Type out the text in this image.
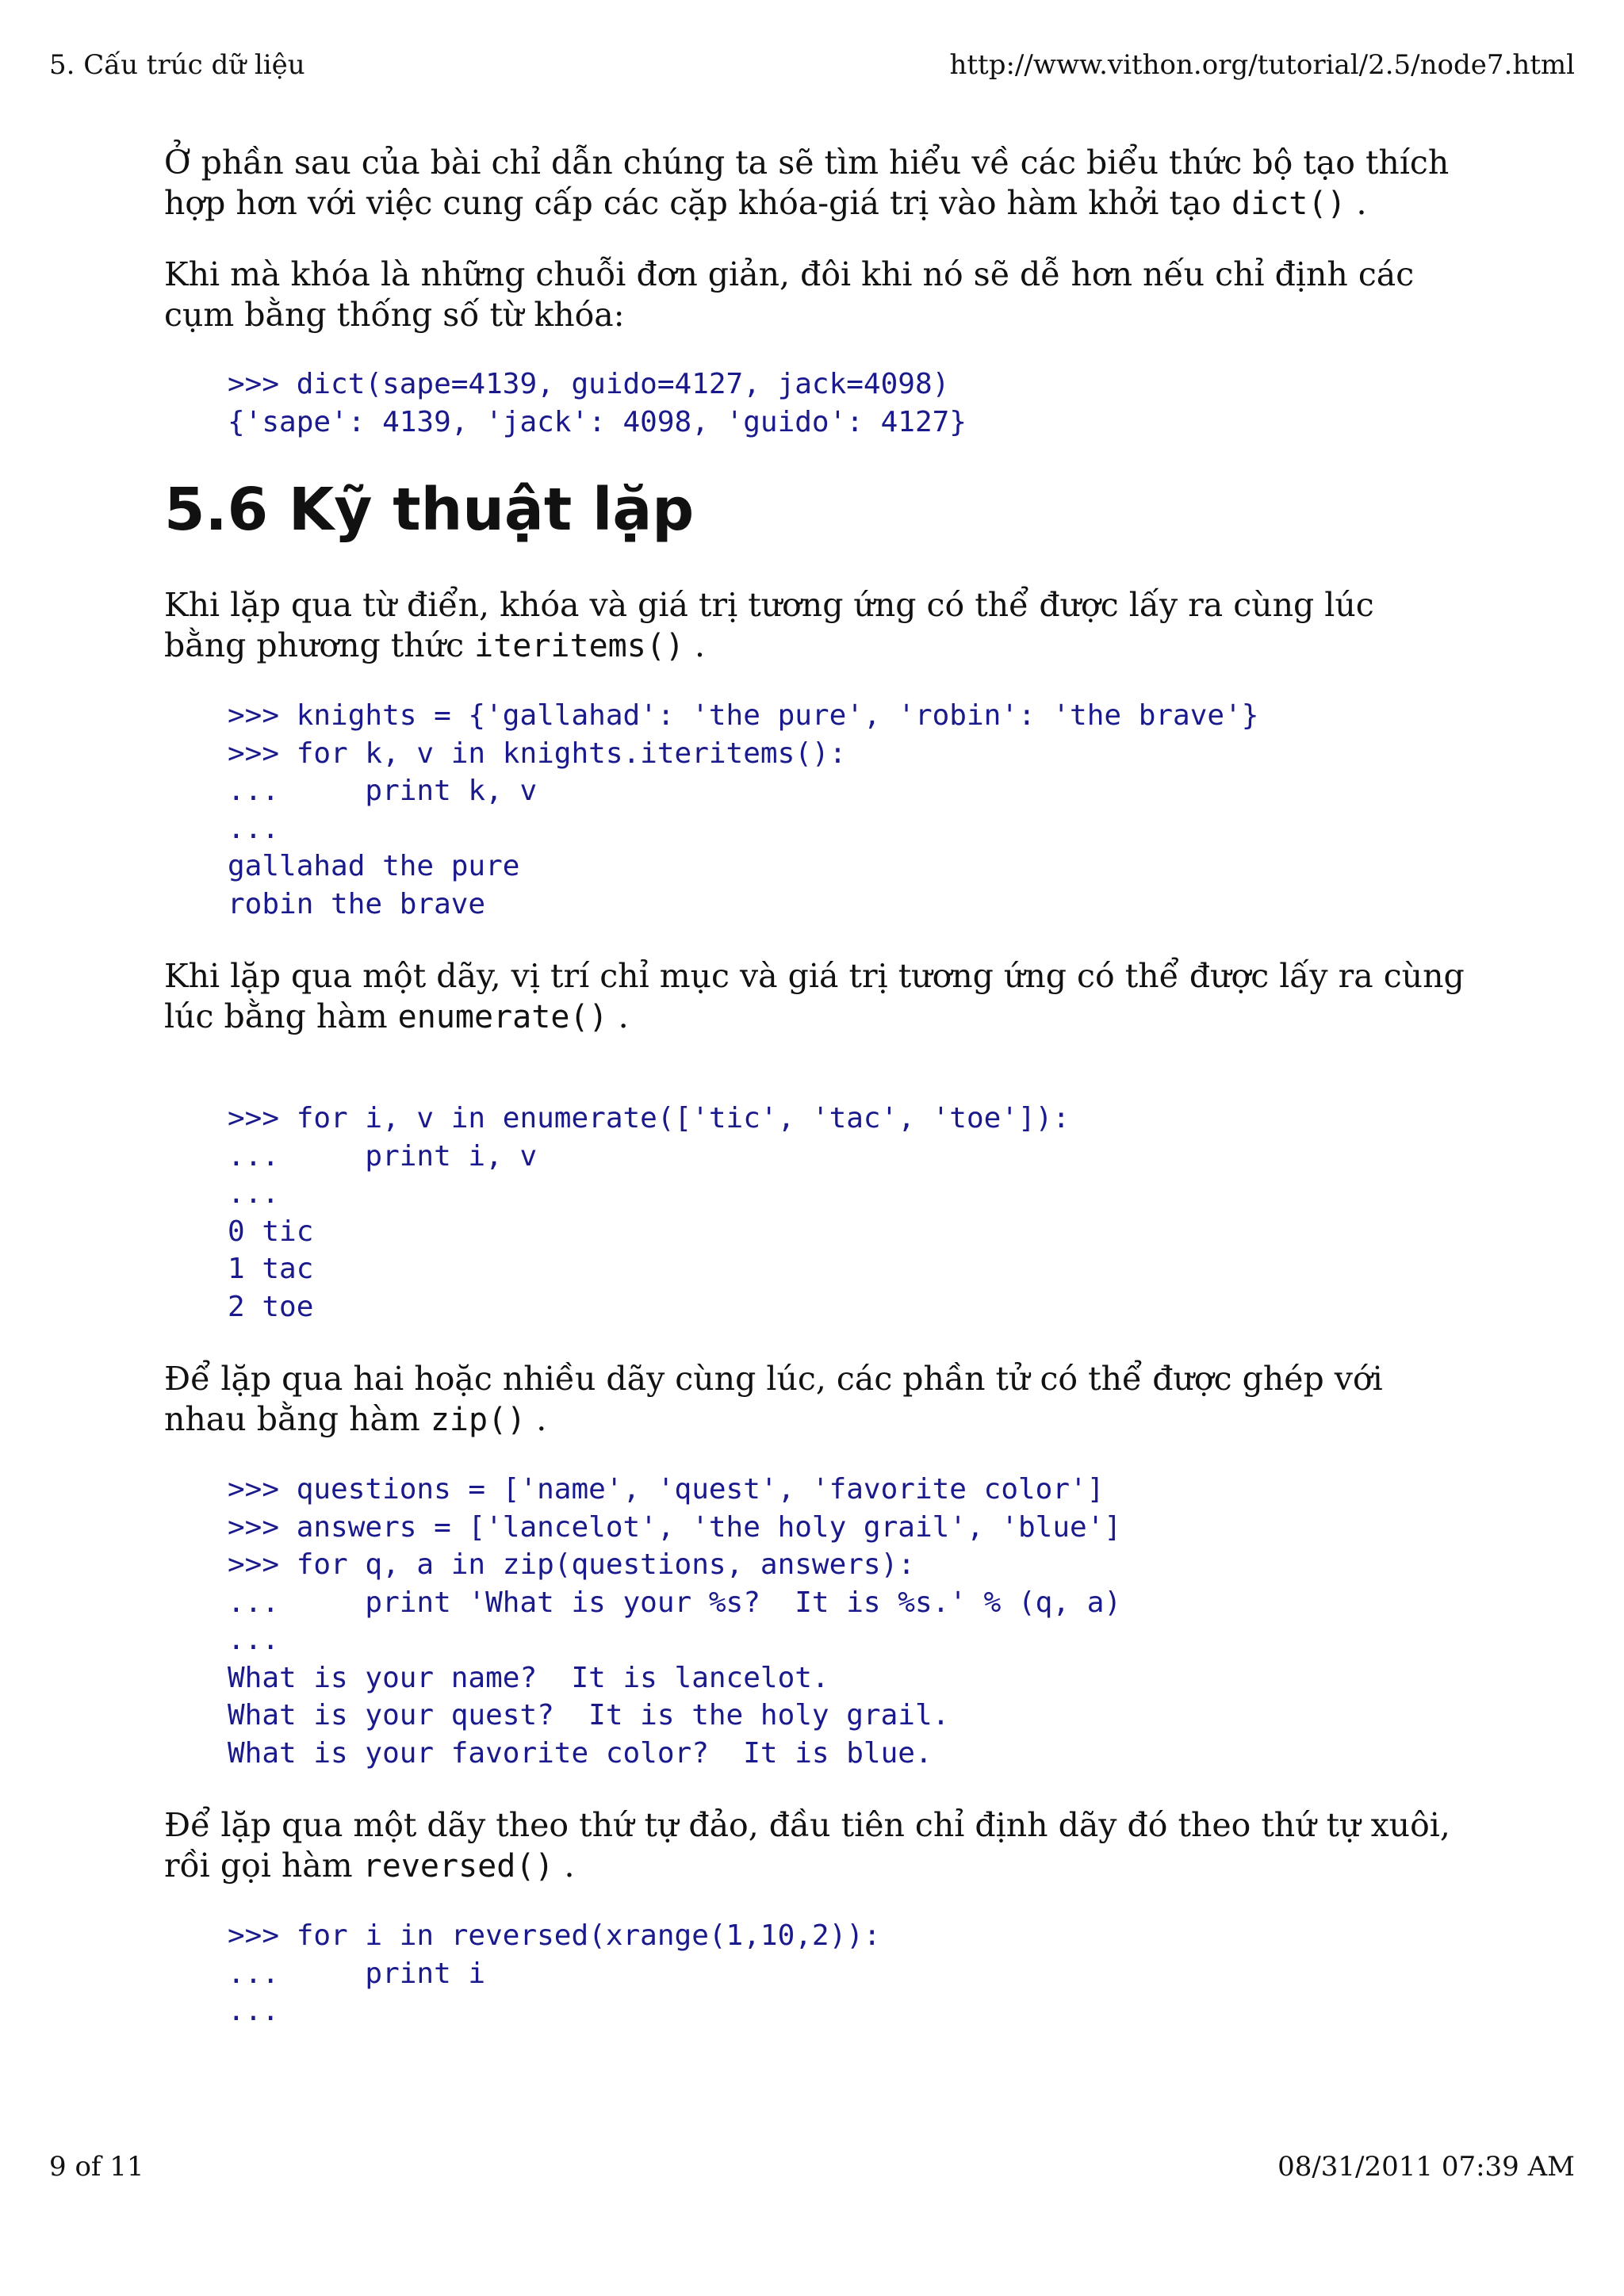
5. Cấu trúc dữ liệu	http://www.vithon.org/tutorial/2.5/node7.html

Ở phần sau của bài chỉ dẫn chúng ta sẽ tìm hiểu về các biểu thức bộ tạo thích hợp hơn với việc cung cấp các cặp khóa-giá trị vào hàm khởi tạo dict() .

Khi mà khóa là những chuỗi đơn giản, đôi khi nó sẽ dễ hơn nếu chỉ định các cụm bằng thống số từ khóa:

>>> dict(sape=4139, guido=4127, jack=4098)
{'sape': 4139, 'jack': 4098, 'guido': 4127}
5.6 Kỹ thuật lặp

Khi lặp qua từ điển, khóa và giá trị tương ứng có thể được lấy ra cùng lúc bằng phương thức iteritems() .

>>> knights = {'gallahad': 'the pure', 'robin': 'the brave'}
>>> for k, v in knights.iteritems():
...     print k, v
...
gallahad the pure
robin the brave

Khi lặp qua một dãy, vị trí chỉ mục và giá trị tương ứng có thể được lấy ra cùng lúc bằng hàm enumerate() .

>>> for i, v in enumerate(['tic', 'tac', 'toe']):
...     print i, v
...
0 tic
1 tac
2 toe

Để lặp qua hai hoặc nhiều dãy cùng lúc, các phần tử có thể được ghép với nhau bằng hàm zip() .

>>> questions = ['name', 'quest', 'favorite color']
>>> answers = ['lancelot', 'the holy grail', 'blue']
>>> for q, a in zip(questions, answers):
...     print 'What is your %s?  It is %s.' % (q, a)
...
What is your name?  It is lancelot.
What is your quest?  It is the holy grail.
What is your favorite color?  It is blue.

Để lặp qua một dãy theo thứ tự đảo, đầu tiên chỉ định dãy đó theo thứ tự xuôi, rồi gọi hàm reversed() .

>>> for i in reversed(xrange(1,10,2)):
...     print i
...
9 of 11	08/31/2011 07:39 AM
